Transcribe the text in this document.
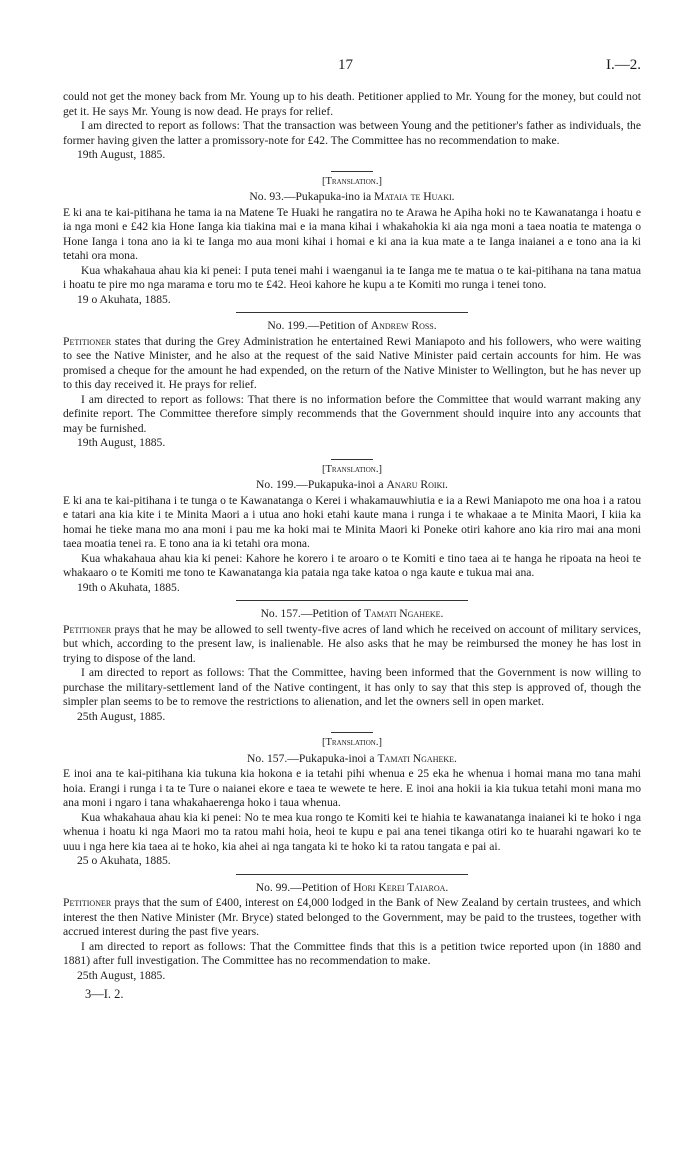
17	I.—2.

could not get the money back from Mr. Young up to his death. Petitioner applied to Mr. Young for the money, but could not get it. He says Mr. Young is now dead. He prays for relief.

I am directed to report as follows: That the transaction was between Young and the petitioner's father as individuals, the former having given the latter a promissory-note for £42. The Committee has no recommendation to make.

19th August, 1885.

[Translation.]

No. 93.—Pukapuka-ino ia Mataia te Huaki.

E ki ana te kai-pitihana he tama ia na Matene Te Huaki he rangatira no te Arawa he Apiha hoki no te Kawanatanga i hoatu e ia nga moni e £42 kia Hone Ianga kia tiakina mai e ia mana kihai i whakahokia ki aia nga moni a taea noatia te matenga o Hone Ianga i tona ano ia ki te Ianga mo aua moni kihai i homai e ki ana ia kua mate a te Ianga inaianei a e tono ana ia ki tetahi ora mona.

Kua whakahaua ahau kia ki penei: I puta tenei mahi i waenganui ia te Ianga me te matua o te kai-pitihana na tana matua i hoatu te pire mo nga marama e toru mo te £42. Heoi kahore he kupu a te Komiti mo runga i tenei tono.

19 o Akuhata, 1885.

No. 199.—Petition of Andrew Ross.

Petitioner states that during the Grey Administration he entertained Rewi Maniapoto and his followers, who were waiting to see the Native Minister, and he also at the request of the said Native Minister paid certain accounts for him. He was promised a cheque for the amount he had expended, on the return of the Native Minister to Wellington, but he has never up to this day received it. He prays for relief.

I am directed to report as follows: That there is no information before the Committee that would warrant making any definite report. The Committee therefore simply recommends that the Government should inquire into any accounts that may be furnished.

19th August, 1885.

[Translation.]

No. 199.—Pukapuka-inoi a Anaru Roiki.

E ki ana te kai-pitihana i te tunga o te Kawanatanga o Kerei i whakamauwhiutia e ia a Rewi Maniapoto me ona hoa i a ratou e tatari ana kia kite i te Minita Maori a i utua ano hoki etahi kaute mana i runga i te whakaae a te Minita Maori, I kiia ka homai he tieke mana mo ana moni i pau me ka hoki mai te Minita Maori ki Poneke otiri kahore ano kia riro mai ana moni taea moatia tenei ra. E tono ana ia ki tetahi ora mona.

Kua whakahaua ahau kia ki penei: Kahore he korero i te aroaro o te Komiti e tino taea ai te hanga he ripoata na heoi te whakaaro o te Komiti me tono te Kawanatanga kia pataia nga take katoa o nga kaute e tukua mai ana.

19th o Akuhata, 1885.

No. 157.—Petition of Tamati Ngaheke.

Petitioner prays that he may be allowed to sell twenty-five acres of land which he received on account of military services, but which, according to the present law, is inalienable. He also asks that he may be reimbursed the money he has lost in trying to dispose of the land.

I am directed to report as follows: That the Committee, having been informed that the Government is now willing to purchase the military-settlement land of the Native contingent, it has only to say that this step is approved of, though the simpler plan seems to be to remove the restrictions to alienation, and let the owners sell in open market.

25th August, 1885.

[Translation.]

No. 157.—Pukapuka-inoi a Tamati Ngaheke.

E inoi ana te kai-pitihana kia tukuna kia hokona e ia tetahi pihi whenua e 25 eka he whenua i homai mana mo tana mahi hoia. Erangi i runga i ta te Ture o naianei ekore e taea te wewete te here. E inoi ana hokii ia kia tukua tetahi moni mana mo ana moni i ngaro i tana whakahaerenga hoko i taua whenua.

Kua whakahaua ahau kia ki penei: No te mea kua rongo te Komiti kei te hiahia te kawanatanga inaianei ki te hoko i nga whenua i hoatu ki nga Maori mo ta ratou mahi hoia, heoi te kupu e pai ana tenei tikanga otiri ko te huarahi ngawari ko te uuu i nga here kia taea ai te hoko, kia ahei ai nga tangata ki te hoko ki ta ratou tangata e pai ai.

25 o Akuhata, 1885.

No. 99.—Petition of Hori Kerei Taiaroa.

Petitioner prays that the sum of £400, interest on £4,000 lodged in the Bank of New Zealand by certain trustees, and which interest the then Native Minister (Mr. Bryce) stated belonged to the Government, may be paid to the trustees, together with accrued interest during the past five years.

I am directed to report as follows: That the Committee finds that this is a petition twice reported upon (in 1880 and 1881) after full investigation. The Committee has no recommendation to make.

25th August, 1885.

3—I. 2.
